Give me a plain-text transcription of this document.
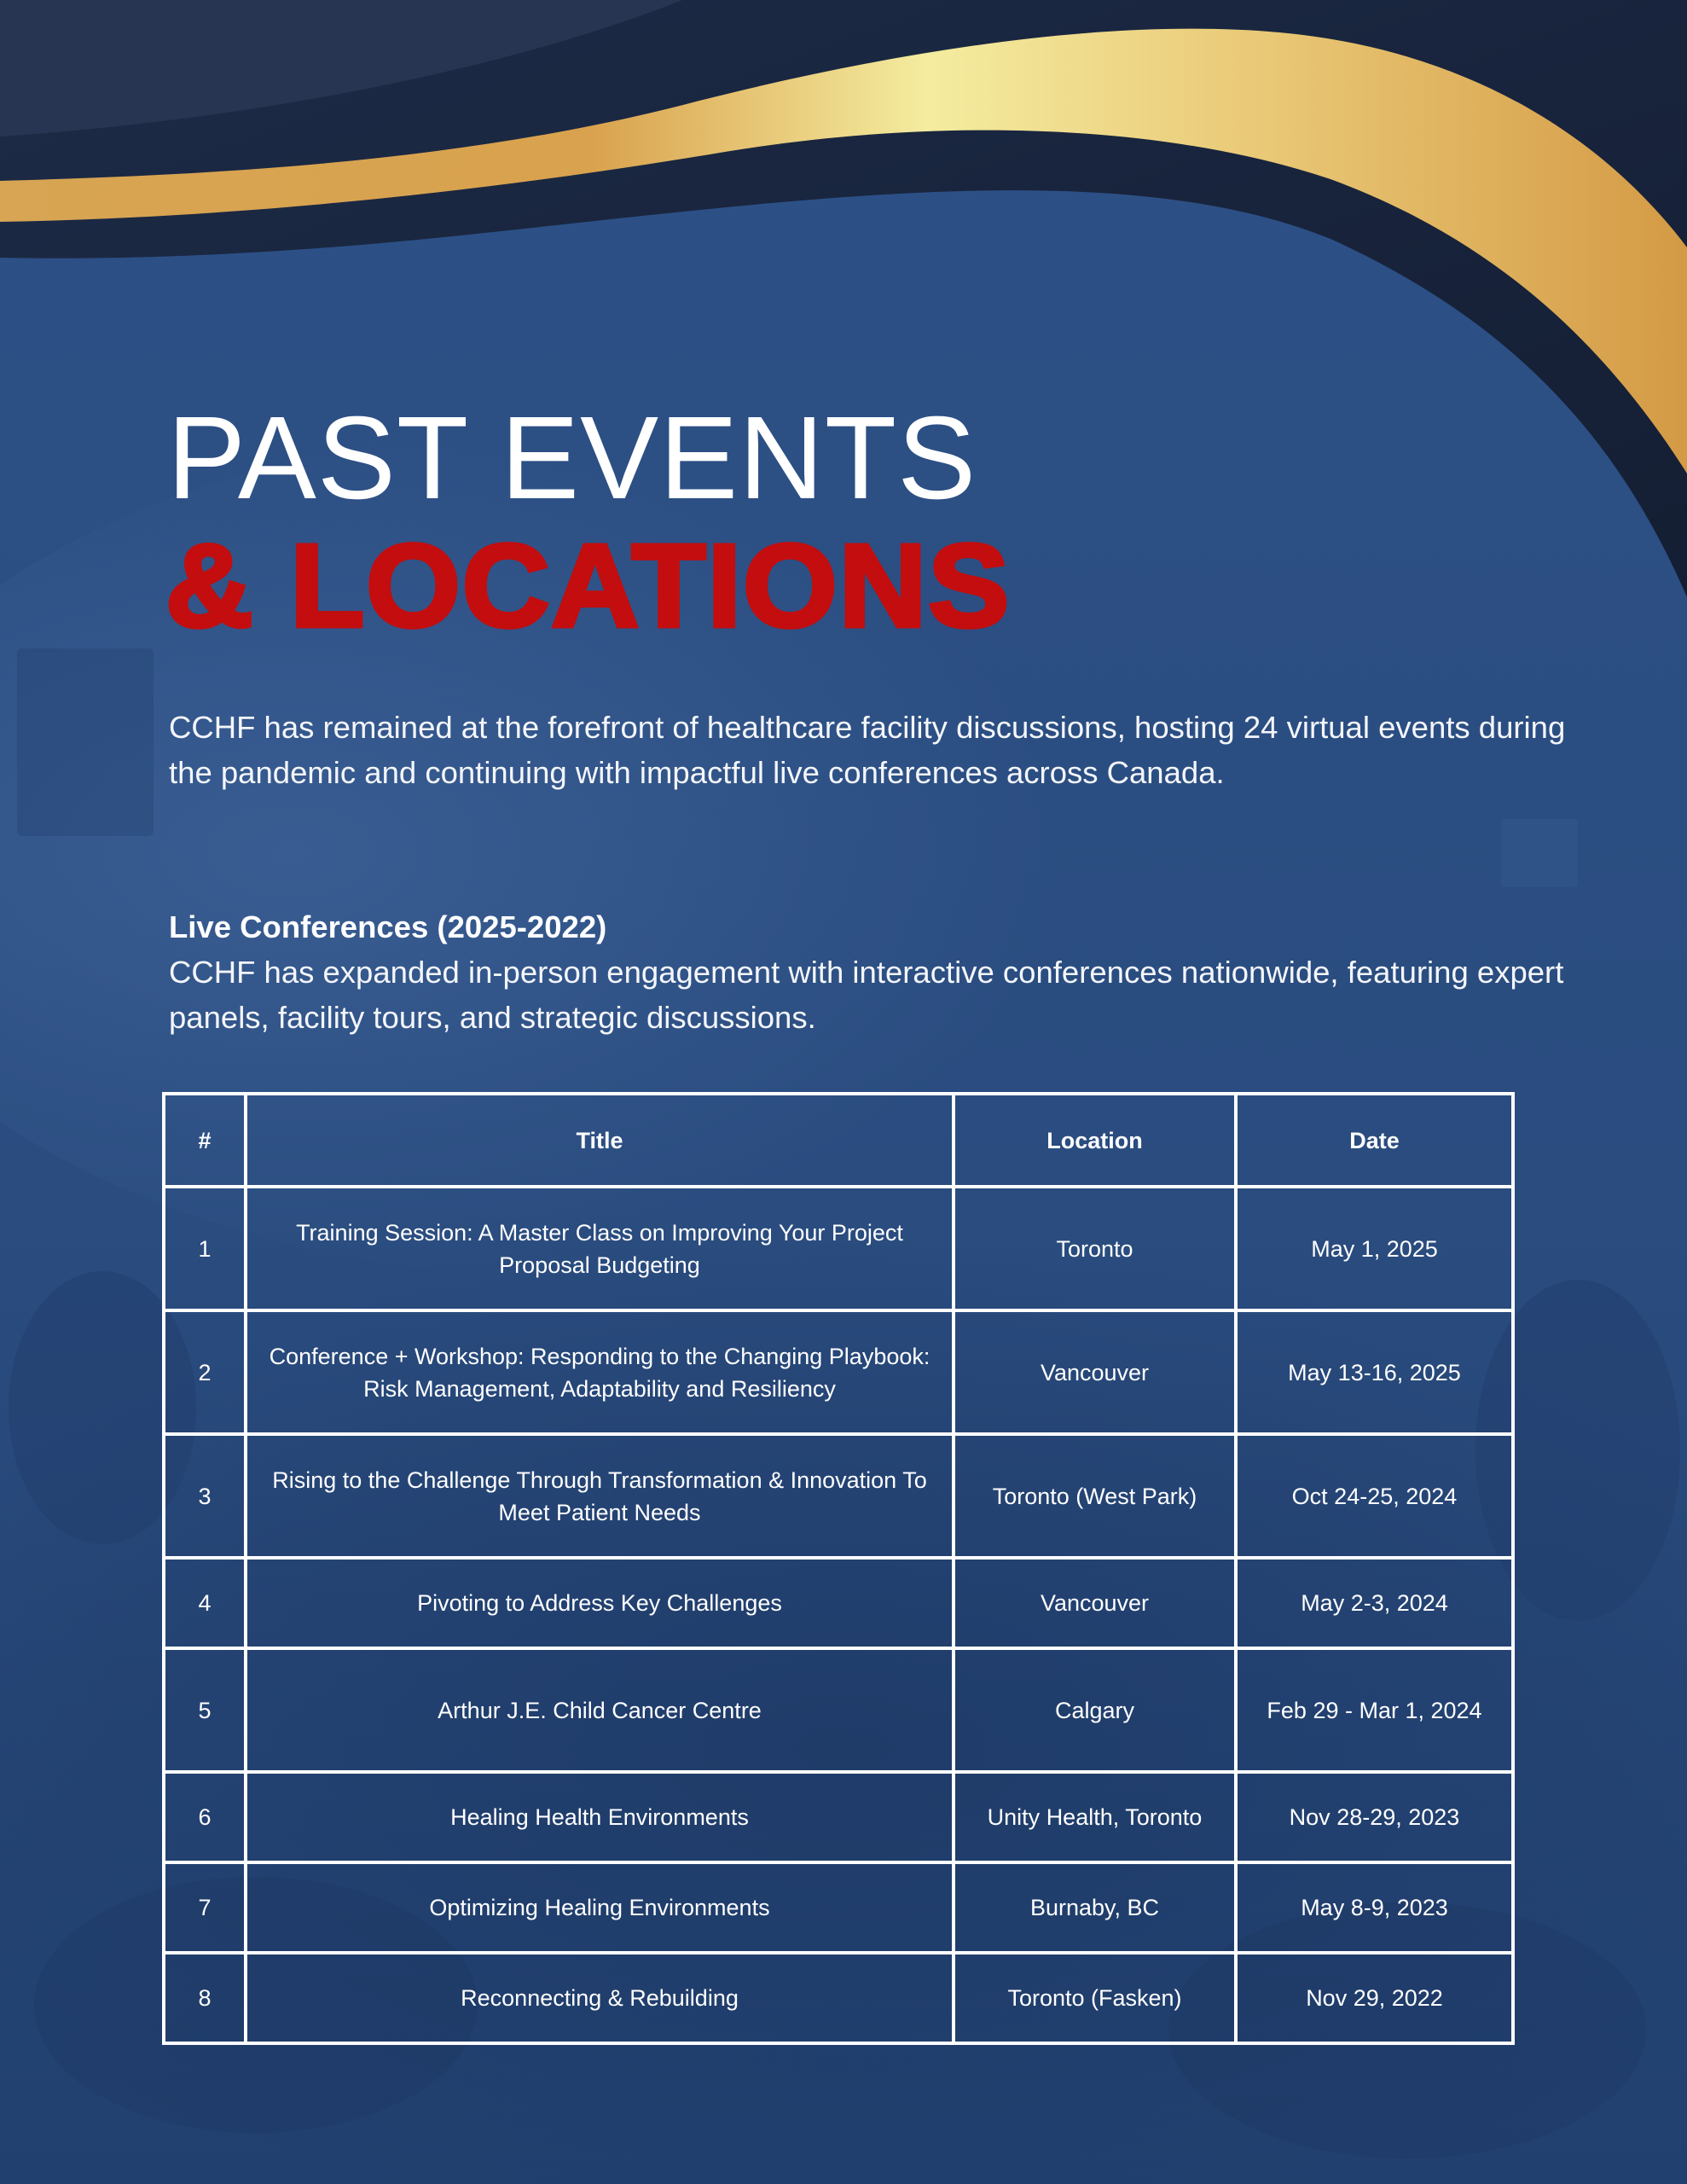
PAST EVENTS
& LOCATIONS

CCHF has remained at the forefront of healthcare facility discussions, hosting 24 virtual events during the pandemic and continuing with impactful live conferences across Canada.

Live Conferences (2025-2022)

CCHF has expanded in-person engagement with interactive conferences nationwide, featuring expert panels, facility tours, and strategic discussions.

#	Title	Location	Date
1	Training Session: A Master Class on Improving Your Project Proposal Budgeting	Toronto	May 1, 2025
2	Conference + Workshop: Responding to the Changing Playbook: Risk Management, Adaptability and Resiliency	Vancouver	May 13-16, 2025
3	Rising to the Challenge Through Transformation & Innovation To Meet Patient Needs	Toronto (West Park)	Oct 24-25, 2024
4	Pivoting to Address Key Challenges	Vancouver	May 2-3, 2024
5	Arthur J.E. Child Cancer Centre	Calgary	Feb 29 - Mar 1, 2024
6	Healing Health Environments	Unity Health, Toronto	Nov 28-29, 2023
7	Optimizing Healing Environments	Burnaby, BC	May 8-9, 2023
8	Reconnecting & Rebuilding	Toronto (Fasken)	Nov 29, 2022
